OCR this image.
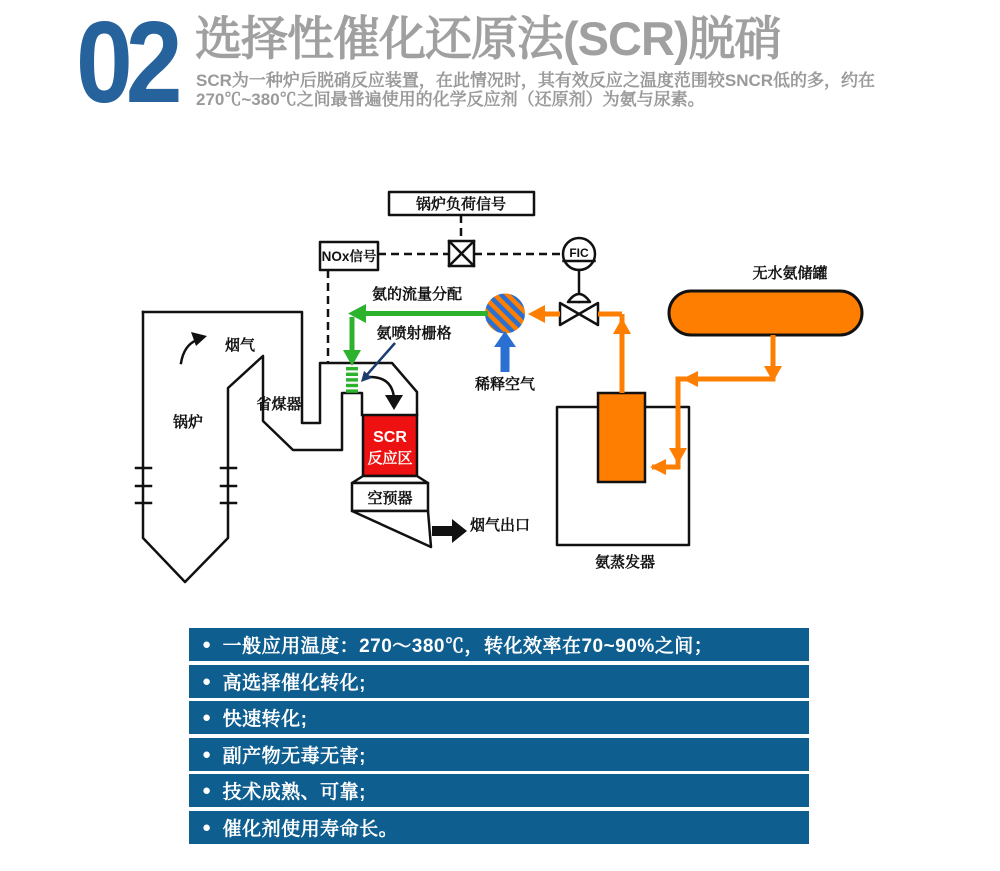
02 选择性催化还原法(SCR)脱硝
SCR为一种炉后脱硝反应装置，在此情况时，其有效反应之温度范围较SNCR低的多，约在270℃~380℃之间最普遍使用的化学反应剂（还原剂）为氨与尿素。
烟气
锅炉
省煤器
SCR
反应区
空预器
烟气出口
锅炉负荷信号
NOx信号	FIC
无水氨储罐
氨蒸发器
稀释空气
氨的流量分配
氨喷射栅格
● 一般应用温度：270～380℃，转化效率在70~90%之间；
● 高选择催化转化;
● 快速转化;
● 副产物无毒无害;
● 技术成熟、可靠;
● 催化剂使用寿命长。
